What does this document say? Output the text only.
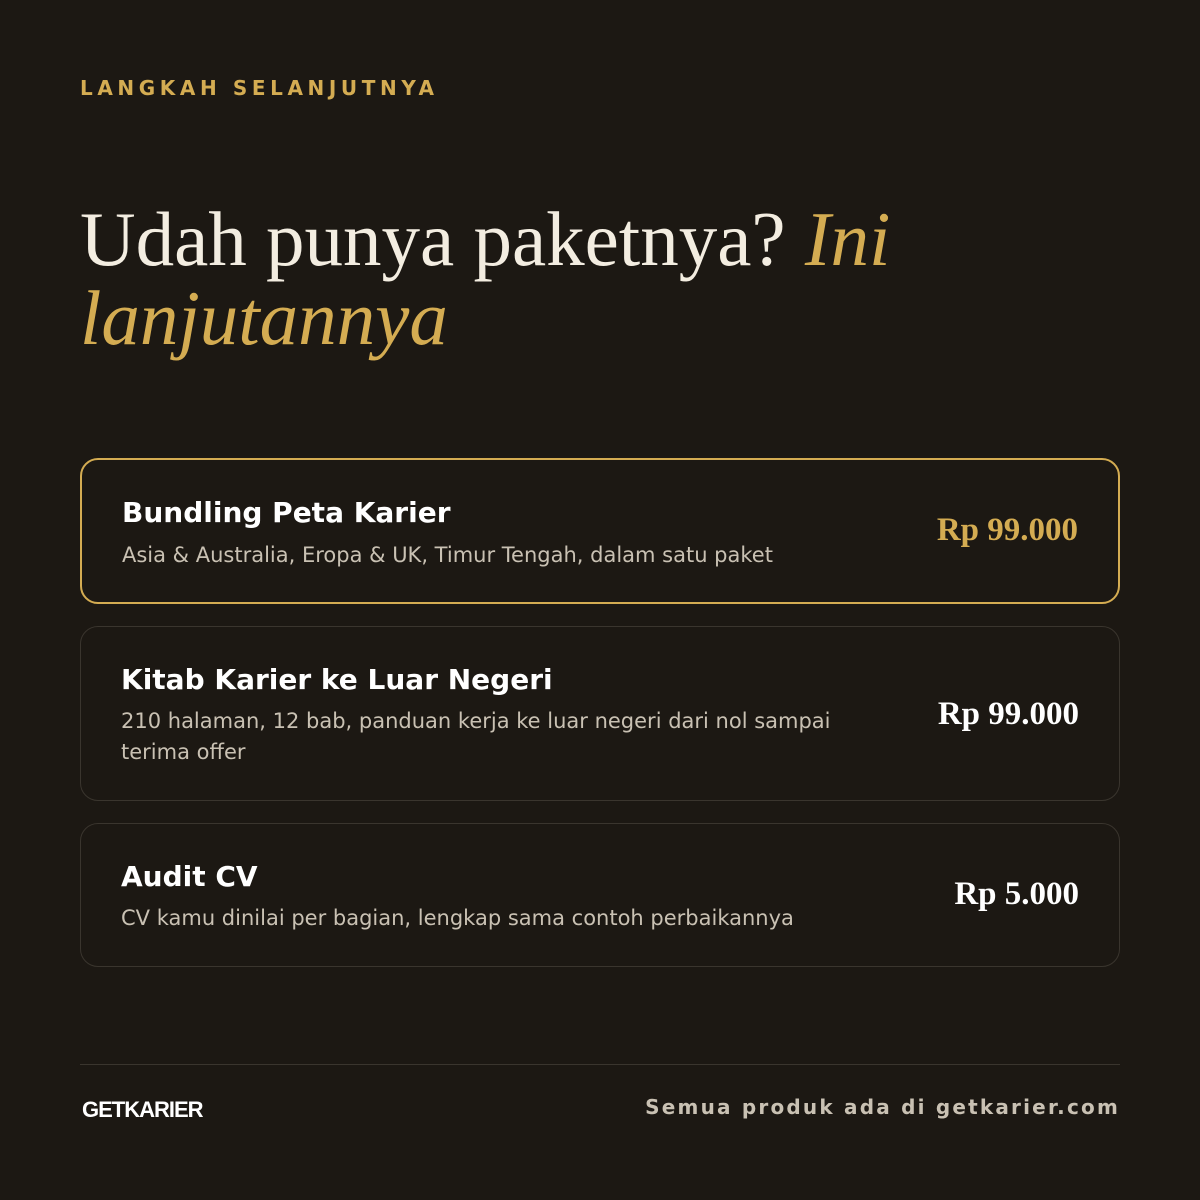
LANGKAH SELANJUTNYA
Udah punya paketnya? Ini lanjutannya
Bundling Peta Karier
Asia & Australia, Eropa & UK, Timur Tengah, dalam satu paket
Rp 99.000
Kitab Karier ke Luar Negeri
210 halaman, 12 bab, panduan kerja ke luar negeri dari nol sampai terima offer
Rp 99.000
Audit CV
CV kamu dinilai per bagian, lengkap sama contoh perbaikannya
Rp 5.000
GETKARIER	Semua produk ada di getkarier.com
